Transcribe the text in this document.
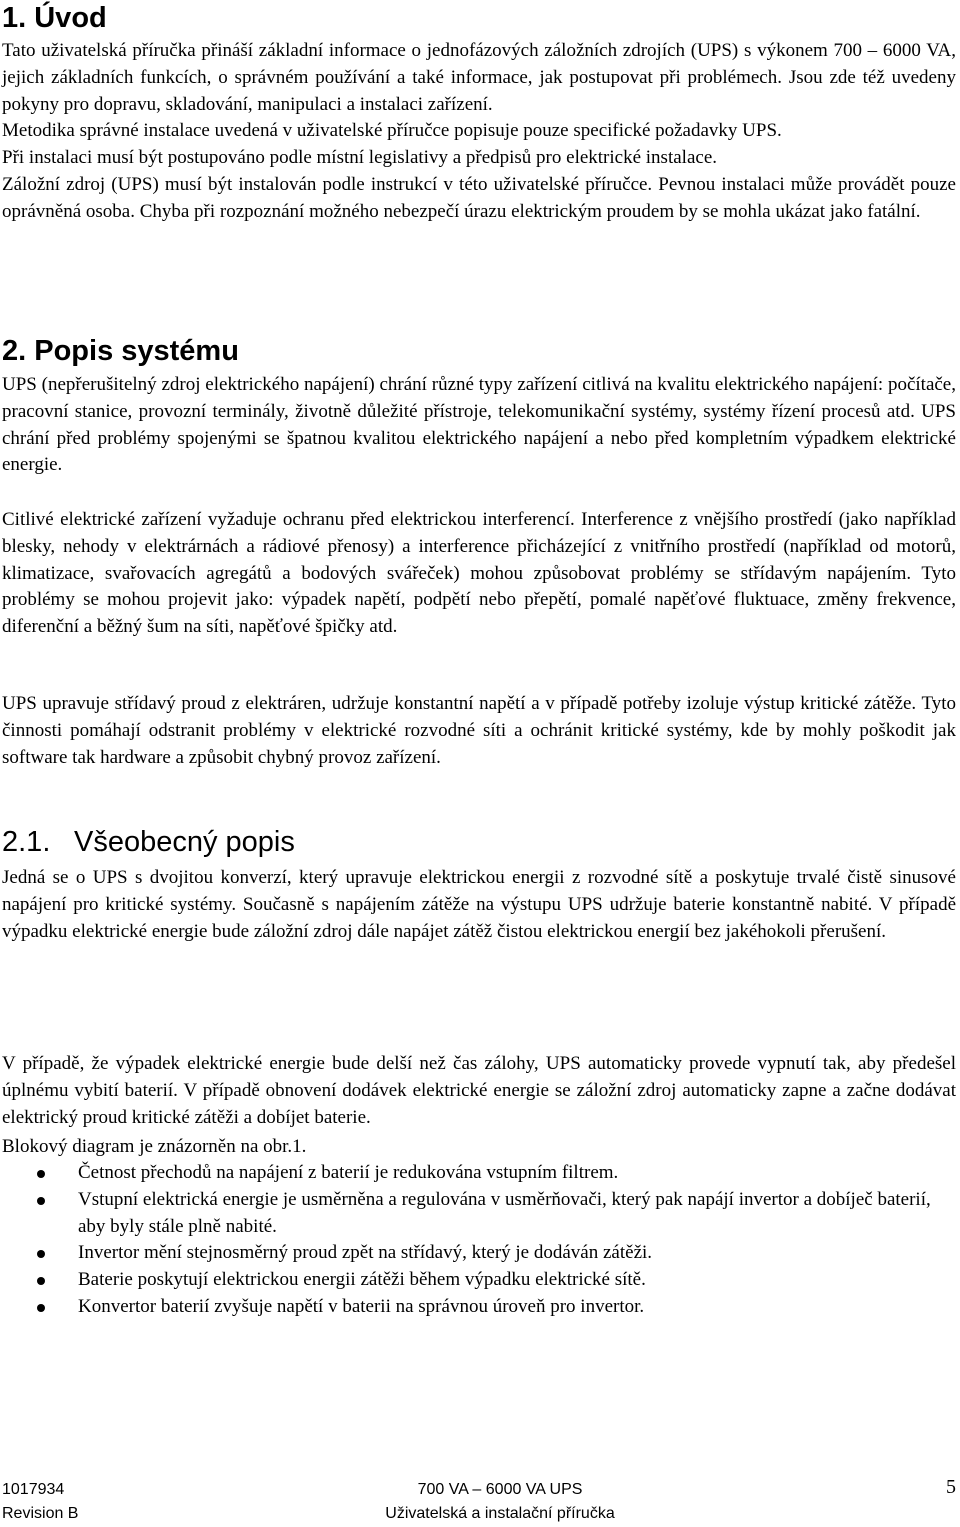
1. Úvod

Tato uživatelská příručka přináší základní informace o jednofázových záložních zdrojích (UPS) s výkonem 700 – 6000 VA, jejich základních funkcích, o správném používání a také informace, jak postupovat při problémech. Jsou zde též uvedeny pokyny pro dopravu, skladování, manipulaci a instalaci zařízení.

Metodika správné instalace uvedená v uživatelské příručce popisuje pouze specifické požadavky UPS.

Při instalaci musí být postupováno podle místní legislativy a předpisů pro elektrické instalace.

Záložní zdroj (UPS) musí být instalován podle instrukcí v této uživatelské příručce. Pevnou instalaci může provádět pouze oprávněná osoba. Chyba při rozpoznání možného nebezpečí úrazu elektrickým proudem by se mohla ukázat jako fatální.

2. Popis systému

UPS (nepřerušitelný zdroj elektrického napájení) chrání různé typy zařízení citlivá na kvalitu elektrického napájení: počítače, pracovní stanice, provozní terminály, životně důležité přístroje, telekomunikační systémy, systémy řízení procesů atd. UPS chrání před problémy spojenými se špatnou kvalitou elektrického napájení a nebo před kompletním výpadkem elektrické energie.

Citlivé elektrické zařízení vyžaduje ochranu před elektrickou interferencí. Interference z vnějšího prostředí (jako například blesky, nehody v elektrárnách a rádiové přenosy) a interference přicházející z vnitřního prostředí (například od motorů, klimatizace, svařovacích agregátů a bodových svářeček) mohou způsobovat problémy se střídavým napájením. Tyto problémy se mohou projevit jako: výpadek napětí, podpětí nebo přepětí, pomalé napěťové fluktuace, změny frekvence, diferenční a běžný šum na síti, napěťové špičky atd.

UPS upravuje střídavý proud z elektráren, udržuje konstantní napětí a v případě potřeby izoluje výstup kritické zátěže. Tyto činnosti pomáhají odstranit problémy v elektrické rozvodné síti a ochránit kritické systémy, kde by mohly poškodit jak software tak hardware a způsobit chybný provoz zařízení.

2.1. Všeobecný popis

Jedná se o UPS s dvojitou konverzí, který upravuje elektrickou energii z rozvodné sítě a poskytuje trvalé čistě sinusové napájení pro kritické systémy. Současně s napájením zátěže na výstupu UPS udržuje baterie konstantně nabité. V případě výpadku elektrické energie bude záložní zdroj dále napájet zátěž čistou elektrickou energií bez jakéhokoli přerušení.

V případě, že výpadek elektrické energie bude delší než čas zálohy, UPS automaticky provede vypnutí tak, aby předešel úplnému vybití baterií. V případě obnovení dodávek elektrické energie se záložní zdroj automaticky zapne a začne dodávat elektrický proud kritické zátěži a dobíjet baterie.

Blokový diagram je znázorněn na obr.1.

Četnost přechodů na napájení z baterií je redukována vstupním filtrem.
Vstupní elektrická energie je usměrněna a regulována v usměrňovači, který pak napájí invertor a dobíječ baterií, aby byly stále plně nabité.
Invertor mění stejnosměrný proud zpět na střídavý, který je dodáván zátěži.
Baterie poskytují elektrickou energii zátěži během výpadku elektrické sítě.
Konvertor baterií zvyšuje napětí v baterii na správnou úroveň pro invertor.
1017934
Revision B
700 VA – 6000 VA UPS
Uživatelská a instalační příručka
5
